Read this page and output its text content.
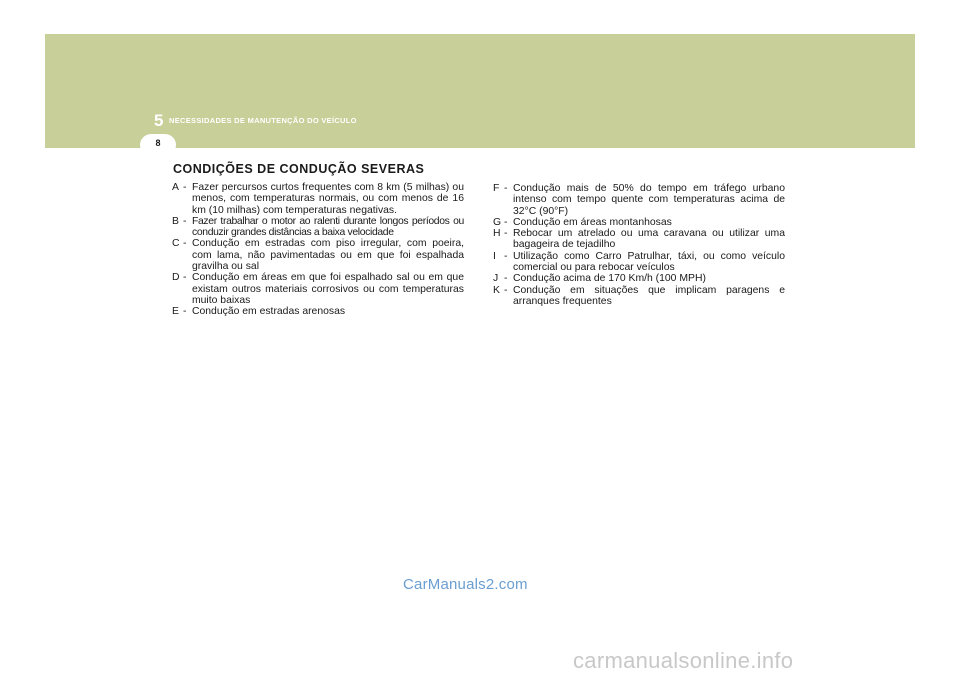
5 NECESSIDADES DE MANUTENÇÃO DO VEÍCULO
8
CONDIÇÕES DE CONDUÇÃO SEVERAS
A - Fazer percursos curtos frequentes com 8 km (5 milhas) ou menos, com temperaturas normais, ou com menos de 16 km (10 milhas) com temperaturas negativas.
B - Fazer trabalhar o motor ao ralenti durante longos períodos ou conduzir grandes distâncias a baixa velocidade
C - Condução em estradas com piso irregular, com poeira, com lama, não pavimentadas ou em que foi espalhada gravilha ou sal
D - Condução em áreas em que foi espalhado sal ou em que existam outros materiais corrosivos ou com temperaturas muito baixas
E - Condução em estradas arenosas
F - Condução mais de 50% do tempo em tráfego urbano intenso com tempo quente com temperaturas acima de 32°C (90°F)
G - Condução em áreas montanhosas
H - Rebocar um atrelado ou uma caravana ou utilizar uma bagageira de tejadilho
I - Utilização como Carro Patrulhar, táxi, ou como veículo comercial ou para rebocar veículos
J - Condução acima de 170 Km/h (100 MPH)
K - Condução em situações que implicam paragens e arranques frequentes
CarManuals2.com
carmanualsonline.info
